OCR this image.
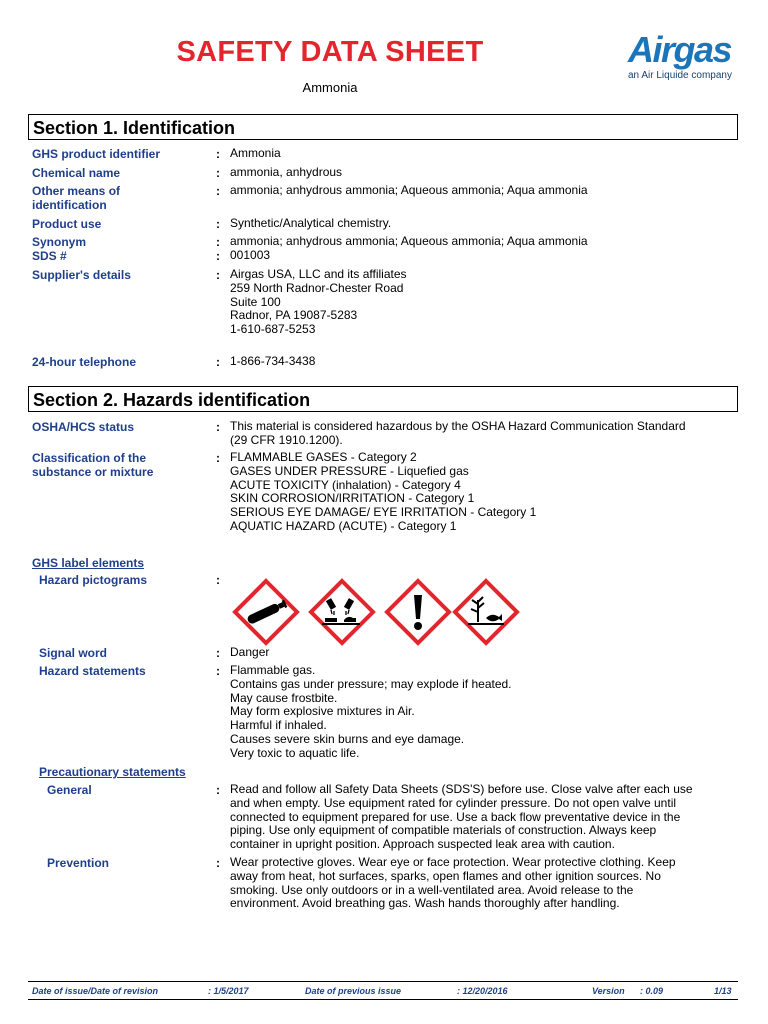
SAFETY DATA SHEET
Ammonia
Airgas
an Air Liquide company
Section 1. Identification
GHS product identifier	: Ammonia
Chemical name	: ammonia, anhydrous
Other means of
identification
: ammonia; anhydrous ammonia; Aqueous ammonia; Aqua ammonia
Product use	: Synthetic/Analytical chemistry.
Synonym	: ammonia; anhydrous ammonia; Aqueous ammonia; Aqua ammonia
SDS #	: 001003
Supplier's details	: Airgas USA, LLC and its affiliates
259 North Radnor-Chester Road
Suite 100
Radnor, PA 19087-5283
1-610-687-5253
24-hour telephone	: 1-866-734-3438
Section 2. Hazards identification
OSHA/HCS status	: This material is considered hazardous by the OSHA Hazard Communication Standard
(29 CFR 1910.1200).
Classification of the
substance or mixture
: FLAMMABLE GASES - Category 2
GASES UNDER PRESSURE - Liquefied gas
ACUTE TOXICITY (inhalation) - Category 4
SKIN CORROSION/IRRITATION - Category 1
SERIOUS EYE DAMAGE/ EYE IRRITATION - Category 1
AQUATIC HAZARD (ACUTE) - Category 1
GHS label elements
Hazard pictograms	:
Signal word	: Danger
Hazard statements	: Flammable gas.
Contains gas under pressure; may explode if heated.
May cause frostbite.
May form explosive mixtures in Air.
Harmful if inhaled.
Causes severe skin burns and eye damage.
Very toxic to aquatic life.
Precautionary statements
General	: Read and follow all Safety Data Sheets (SDS'S) before use. Close valve after each use
and when empty. Use equipment rated for cylinder pressure. Do not open valve until
connected to equipment prepared for use. Use a back flow preventative device in the
piping. Use only equipment of compatible materials of construction. Always keep
container in upright position. Approach suspected leak area with caution.
Prevention	: Wear protective gloves. Wear eye or face protection. Wear protective clothing. Keep
away from heat, hot surfaces, sparks, open flames and other ignition sources. No
smoking. Use only outdoors or in a well-ventilated area. Avoid release to the
environment. Avoid breathing gas. Wash hands thoroughly after handling.
Date of issue/Date of revision	: 1/5/2017	Date of previous issue	: 12/20/2016	Version : 0.09	1/13
